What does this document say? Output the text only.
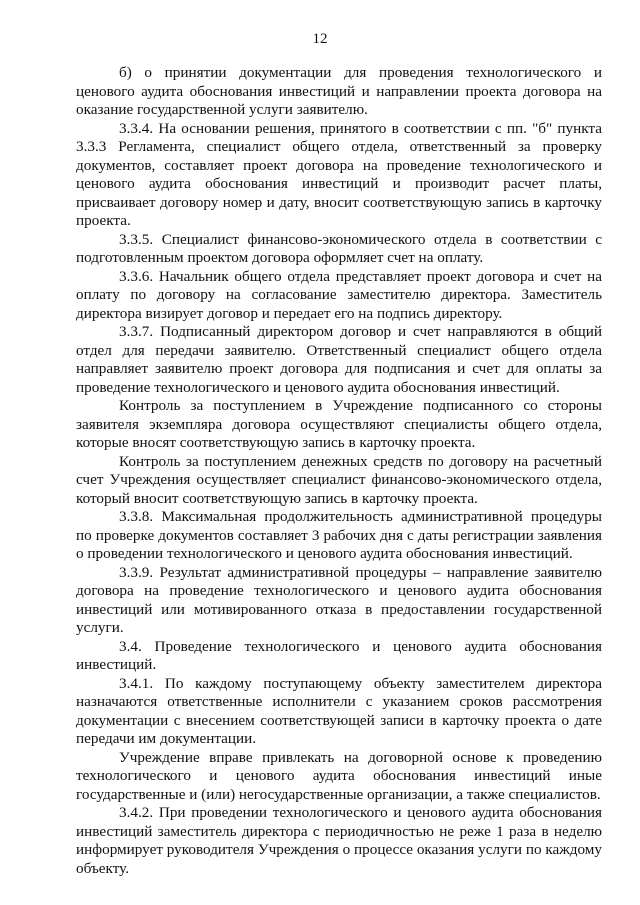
12

б) о принятии документации для проведения технологического и ценового аудита обоснования инвестиций и направлении проекта договора на оказание государственной услуги заявителю.

3.3.4. На основании решения, принятого в соответствии с пп. "б" пункта 3.3.3 Регламента, специалист общего отдела, ответственный за проверку документов, составляет проект договора на проведение технологического и ценового аудита обоснования инвестиций и производит расчет платы, присваивает договору номер и дату, вносит соответствующую запись в карточку проекта.

3.3.5. Специалист финансово-экономического отдела в соответствии с подготовленным проектом договора оформляет счет на оплату.

3.3.6. Начальник общего отдела представляет проект договора и счет на оплату по договору на согласование заместителю директора. Заместитель директора визирует договор и передает его на подпись директору.

3.3.7. Подписанный директором договор и счет направляются в общий отдел для передачи заявителю. Ответственный специалист общего отдела направляет заявителю проект договора для подписания и счет для оплаты за проведение технологического и ценового аудита обоснования инвестиций.

Контроль за поступлением в Учреждение подписанного со стороны заявителя экземпляра договора осуществляют специалисты общего отдела, которые вносят соответствующую запись в карточку проекта.

Контроль за поступлением денежных средств по договору на расчетный счет Учреждения осуществляет специалист финансово-экономического отдела, который вносит соответствующую запись в карточку проекта.

3.3.8. Максимальная продолжительность административной процедуры по проверке документов составляет 3 рабочих дня с даты регистрации заявления о проведении технологического и ценового аудита обоснования инвестиций.

3.3.9. Результат административной процедуры – направление заявителю договора на проведение технологического и ценового аудита обоснования инвестиций или мотивированного отказа в предоставлении государственной услуги.

3.4. Проведение технологического и ценового аудита обоснования инвестиций.

3.4.1. По каждому поступающему объекту заместителем директора назначаются ответственные исполнители с указанием сроков рассмотрения документации с внесением соответствующей записи в карточку проекта о дате передачи им документации.

Учреждение вправе привлекать на договорной основе к проведению технологического и ценового аудита обоснования инвестиций иные государственные и (или) негосударственные организации, а также специалистов.

3.4.2. При проведении технологического и ценового аудита обоснования инвестиций заместитель директора с периодичностью не реже 1 раза в неделю информирует руководителя Учреждения о процессе оказания услуги по каждому объекту.
